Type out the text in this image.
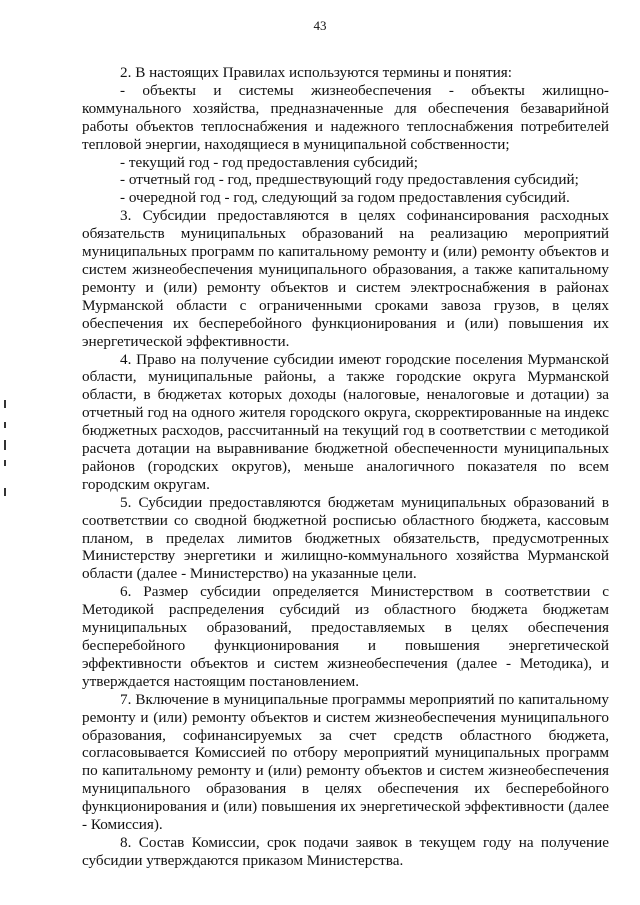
43

2. В настоящих Правилах используются термины и понятия:

- объекты и системы жизнеобеспечения - объекты жилищно-коммунального хозяйства, предназначенные для обеспечения безаварийной работы объектов теплоснабжения и надежного теплоснабжения потребителей тепловой энергии, находящиеся в муниципальной собственности;

- текущий год - год предоставления субсидий;

- отчетный год - год, предшествующий году предоставления субсидий;

- очередной год - год, следующий за годом предоставления субсидий.

3. Субсидии предоставляются в целях софинансирования расходных обязательств муниципальных образований на реализацию мероприятий муниципальных программ по капитальному ремонту и (или) ремонту объектов и систем жизнеобеспечения муниципального образования, а также капитальному ремонту и (или) ремонту объектов и систем электроснабжения в районах Мурманской области с ограниченными сроками завоза грузов, в целях обеспечения их бесперебойного функционирования и (или) повышения их энергетической эффективности.

4. Право на получение субсидии имеют городские поселения Мурманской области, муниципальные районы, а также городские округа Мурманской области, в бюджетах которых доходы (налоговые, неналоговые и дотации) за отчетный год на одного жителя городского округа, скорректированные на индекс бюджетных расходов, рассчитанный на текущий год в соответствии с методикой расчета дотации на выравнивание бюджетной обеспеченности муниципальных районов (городских округов), меньше аналогичного показателя по всем городским округам.

5. Субсидии предоставляются бюджетам муниципальных образований в соответствии со сводной бюджетной росписью областного бюджета, кассовым планом, в пределах лимитов бюджетных обязательств, предусмотренных Министерству энергетики и жилищно-коммунального хозяйства Мурманской области (далее - Министерство) на указанные цели.

6. Размер субсидии определяется Министерством в соответствии с Методикой распределения субсидий из областного бюджета бюджетам муниципальных образований, предоставляемых в целях обеспечения бесперебойного функционирования и повышения энергетической эффективности объектов и систем жизнеобеспечения (далее - Методика), и утверждается настоящим постановлением.

7. Включение в муниципальные программы мероприятий по капитальному ремонту и (или) ремонту объектов и систем жизнеобеспечения муниципального образования, софинансируемых за счет средств областного бюджета, согласовывается Комиссией по отбору мероприятий муниципальных программ по капитальному ремонту и (или) ремонту объектов и систем жизнеобеспечения муниципального образования в целях обеспечения их бесперебойного функционирования и (или) повышения их энергетической эффективности (далее - Комиссия).

8. Состав Комиссии, срок подачи заявок в текущем году на получение субсидии утверждаются приказом Министерства.
